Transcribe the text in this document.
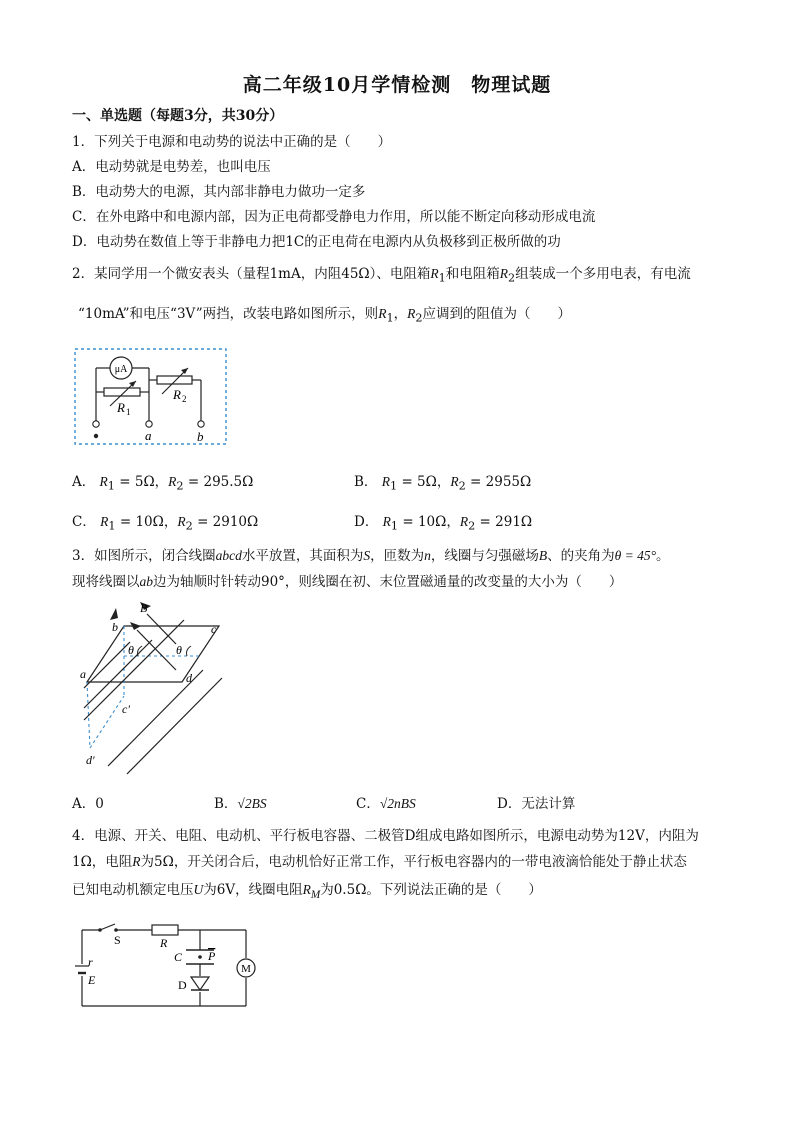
高二年级10月学情检测　物理试题
一、单选题（每题3分，共30分）
1．下列关于电源和电动势的说法中正确的是（　　）
A．电动势就是电势差，也叫电压
B．电动势大的电源，其内部非静电力做功一定多
C．在外电路中和电源内部，因为正电荷都受静电力作用，所以能不断定向移动形成电流
D．电动势在数值上等于非静电力把1C的正电荷在电源内从负极移到正极所做的功
2．某同学用一个微安表头（量程1mA，内阻45Ω）、电阻箱$R_1$和电阻箱$R_2$组装成一个多用电表，有电流
“10mA”和电压“3V”两挡，改装电路如图所示，则$R_1$，$R_2$应调到的阻值为（　　）
μA
R 1
R 2
a	b
A． $R_1 = 5\Omega$，$R_2 = 295.5\Omega$	B． $R_1 = 5\Omega$，$R_2 = 2955\Omega$
C． $R_1 = 10\Omega$，$R_2 = 2910\Omega$	D． $R_1 = 10\Omega$，$R_2 = 291\Omega$
3．如图所示，闭合线圈abcd水平放置，其面积为S，匝数为n，线圈与匀强磁场B、的夹角为θ = 45°。
现将线圈以ab边为轴顺时针转动90°，则线圈在初、末位置磁通量的改变量的大小为（　　）
B
b	c
θ	θ
a	d
c′
d′
A．0	B．√2BS	C．√2nBS	D．无法计算
4．电源、开关、电阻、电动机、平行板电容器、二极管D组成电路如图所示，电源电动势为12V，内阻为
1Ω，电阻R为5Ω，开关闭合后，电动机恰好正常工作，平行板电容器内的一带电液滴恰能处于静止状态
已知电动机额定电压U为6V，线圈电阻$R_M$为0.5Ω。下列说法正确的是（　　）
M
S	R
C P
D
r
E
